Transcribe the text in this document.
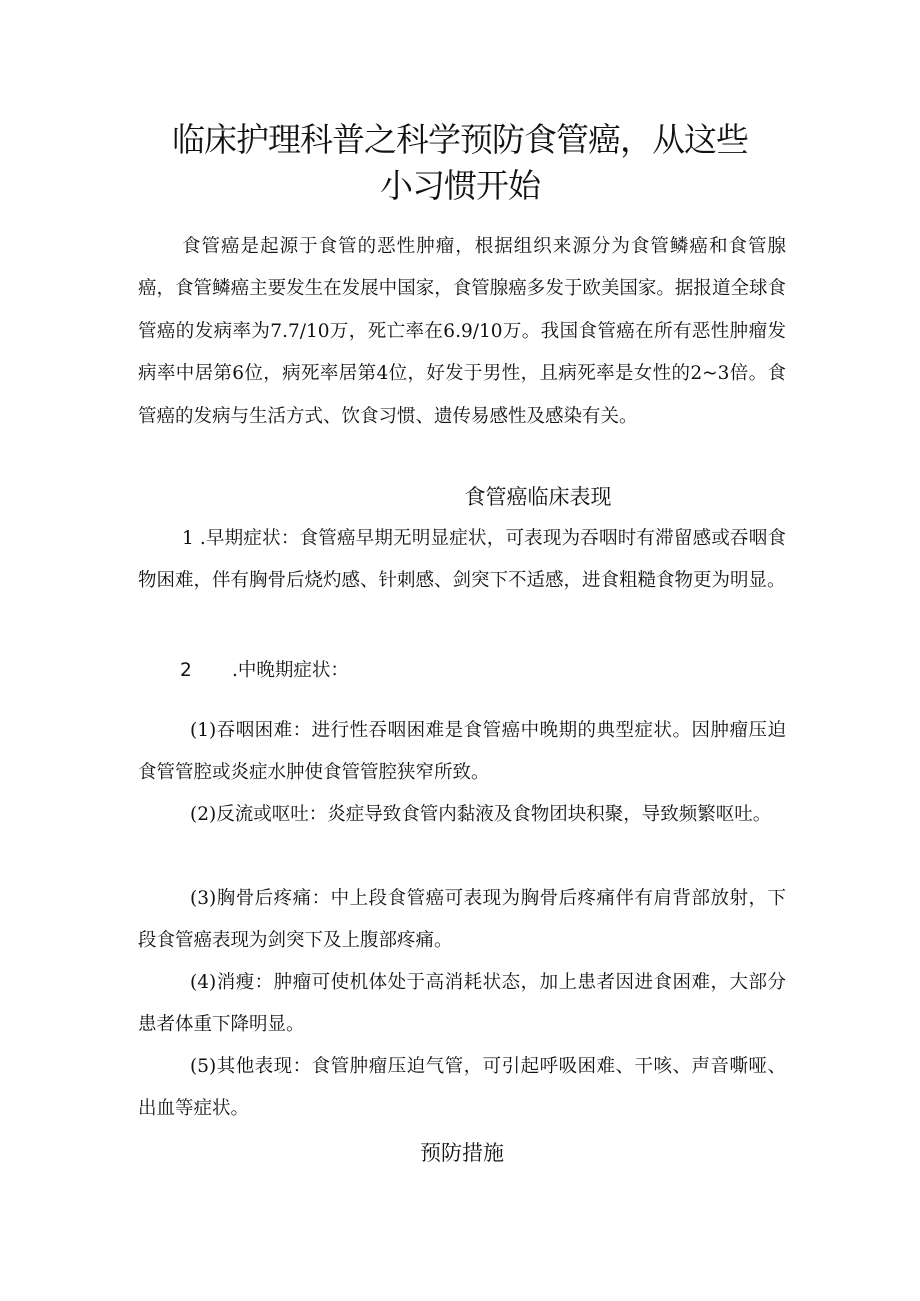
临床护理科普之科学预防食管癌，从这些
小习惯开始

食管癌是起源于食管的恶性肿瘤，根据组织来源分为食管鳞癌和食管腺癌，食管鳞癌主要发生在发展中国家，食管腺癌多发于欧美国家。据报道全球食管癌的发病率为7.7/10万，死亡率在6.9/10万。我国食管癌在所有恶性肿瘤发病率中居第6位，病死率居第4位，好发于男性，且病死率是女性的2~3倍。食管癌的发病与生活方式、饮食习惯、遗传易感性及感染有关。

食管癌临床表现

1 .早期症状：食管癌早期无明显症状，可表现为吞咽时有滞留感或吞咽食物困难，伴有胸骨后烧灼感、针刺感、剑突下不适感，进食粗糙食物更为明显。

2 .中晚期症状：

(1)吞咽困难：进行性吞咽困难是食管癌中晚期的典型症状。因肿瘤压迫食管管腔或炎症水肿使食管管腔狭窄所致。

(2)反流或呕吐：炎症导致食管内黏液及食物团块积聚，导致频繁呕吐。

(3)胸骨后疼痛：中上段食管癌可表现为胸骨后疼痛伴有肩背部放射，下段食管癌表现为剑突下及上腹部疼痛。

(4)消瘦：肿瘤可使机体处于高消耗状态，加上患者因进食困难，大部分患者体重下降明显。

(5)其他表现：食管肿瘤压迫气管，可引起呼吸困难、干咳、声音嘶哑、出血等症状。

预防措施
